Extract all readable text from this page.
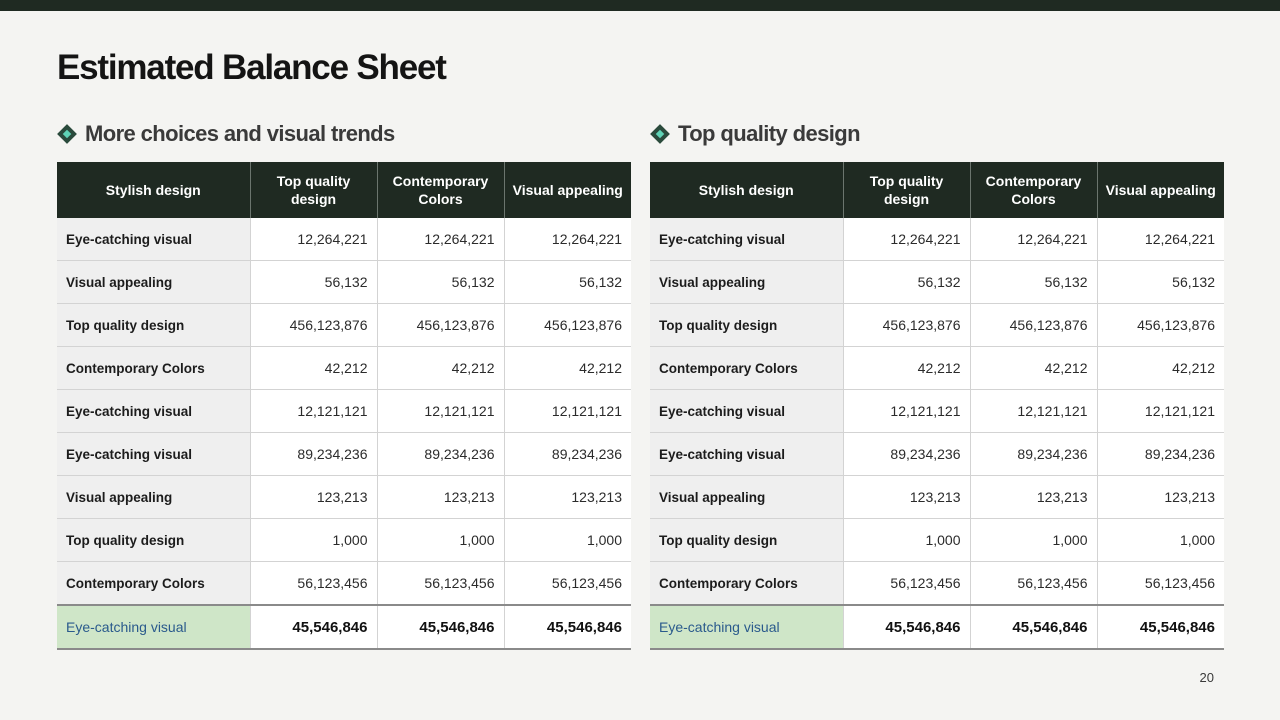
Estimated Balance Sheet
More choices and visual trends
Stylish design	Top quality design	Contemporary Colors	Visual appealing
Eye-catching visual	12,264,221	12,264,221	12,264,221
Visual appealing	56,132	56,132	56,132
Top quality design	456,123,876	456,123,876	456,123,876
Contemporary Colors	42,212	42,212	42,212
Eye-catching visual	12,121,121	12,121,121	12,121,121
Eye-catching visual	89,234,236	89,234,236	89,234,236
Visual appealing	123,213	123,213	123,213
Top quality design	1,000	1,000	1,000
Contemporary Colors	56,123,456	56,123,456	56,123,456
Eye-catching visual	45,546,846	45,546,846	45,546,846
Top quality design
Stylish design	Top quality design	Contemporary Colors	Visual appealing
Eye-catching visual	12,264,221	12,264,221	12,264,221
Visual appealing	56,132	56,132	56,132
Top quality design	456,123,876	456,123,876	456,123,876
Contemporary Colors	42,212	42,212	42,212
Eye-catching visual	12,121,121	12,121,121	12,121,121
Eye-catching visual	89,234,236	89,234,236	89,234,236
Visual appealing	123,213	123,213	123,213
Top quality design	1,000	1,000	1,000
Contemporary Colors	56,123,456	56,123,456	56,123,456
Eye-catching visual	45,546,846	45,546,846	45,546,846
20
